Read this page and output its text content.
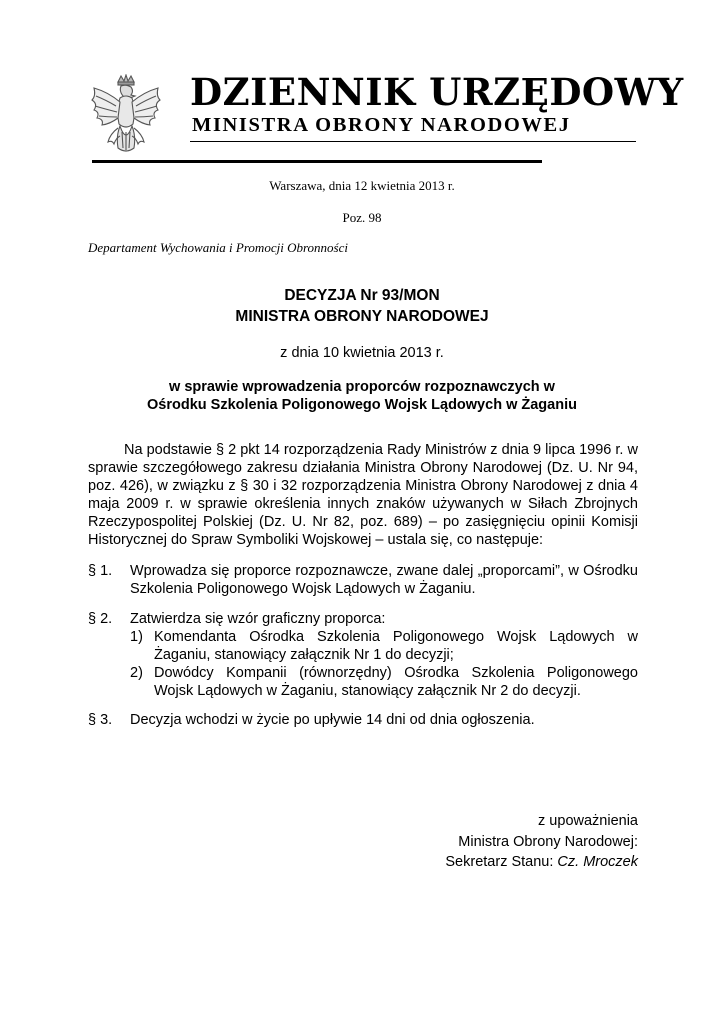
DZIENNIK URZĘDOWY
MINISTRA OBRONY NARODOWEJ
Warszawa, dnia 12 kwietnia 2013 r.
Poz. 98
Departament Wychowania i Promocji Obronności
DECYZJA Nr 93/MON
MINISTRA OBRONY NARODOWEJ
z dnia 10 kwietnia 2013 r.
w sprawie wprowadzenia proporców rozpoznawczych w
Ośrodku Szkolenia Poligonowego Wojsk Lądowych w Żaganiu
Na podstawie § 2 pkt 14 rozporządzenia Rady Ministrów z dnia 9 lipca 1996 r. w sprawie szczegółowego zakresu działania Ministra Obrony Narodowej (Dz. U. Nr 94, poz. 426), w związku z § 30 i 32 rozporządzenia Ministra Obrony Narodowej z dnia 4 maja 2009 r. w sprawie określenia innych znaków używanych w Siłach Zbrojnych Rzeczypospolitej Polskiej (Dz. U. Nr 82, poz. 689) – po zasięgnięciu opinii Komisji Historycznej do Spraw Symboliki Wojskowej – ustala się, co następuje:
§ 1. Wprowadza się proporce rozpoznawcze, zwane dalej „proporcami”, w Ośrodku Szkolenia Poligonowego Wojsk Lądowych w Żaganiu.
§ 2. Zatwierdza się wzór graficzny proporca:
1) Komendanta Ośrodka Szkolenia Poligonowego Wojsk Lądowych w Żaganiu, stanowiący załącznik Nr 1 do decyzji;
2) Dowódcy Kompanii (równorzędny) Ośrodka Szkolenia Poligonowego Wojsk Lądowych w Żaganiu, stanowiący załącznik Nr 2 do decyzji.
§ 3. Decyzja wchodzi w życie po upływie 14 dni od dnia ogłoszenia.
z upoważnienia
Ministra Obrony Narodowej:
Sekretarz Stanu: Cz. Mroczek
